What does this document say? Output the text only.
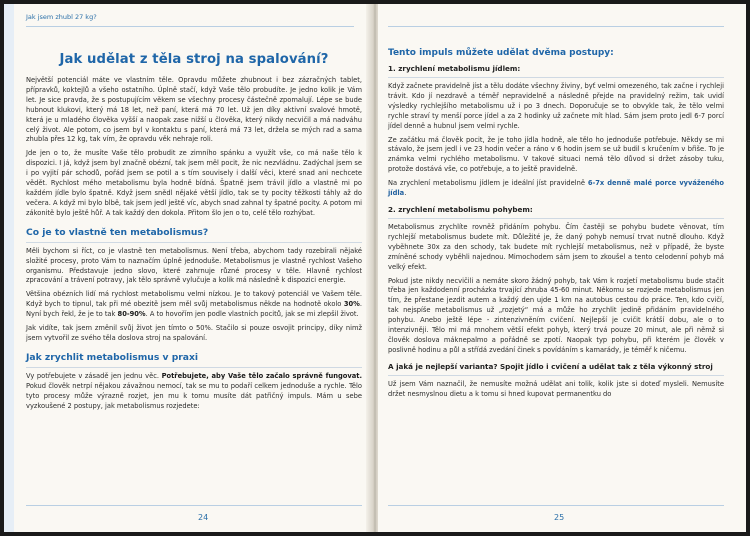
Jak jsem zhubl 27 kg?
Jak udělat z těla stroj na spalování?

Největší potenciál máte ve vlastním těle. Opravdu můžete zhubnout i bez zázračných tablet, přípravků, koktejlů a všeho ostatního. Úplně stačí, když Vaše tělo probudíte. Je jedno kolik je Vám let. Je sice pravda, že s postupujícím věkem se všechny procesy částečně zpomalují. Lépe se bude hubnout klukovi, který má 18 let, než paní, která má 70 let. Už jen díky aktivní svalové hmotě, která je u mladého člověka vyšší a naopak zase nižší u člověka, který nikdy necvičil a má nadváhu celý život. Ale potom, co jsem byl v kontaktu s paní, která má 73 let, držela se mých rad a sama zhubla přes 12 kg, tak vím, že opravdu věk nehraje roli.

Jde jen o to, že musíte Vaše tělo probudit ze zimního spánku a využít vše, co má naše tělo k dispozici. I já, když jsem byl značně obézní, tak jsem měl pocit, že nic nezvládnu. Zadýchal jsem se i po vyjití pár schodů, pořád jsem se potil a s tím souvisely i další věci, které snad ani nechcete vědět. Rychlost mého metabolismu byla hodně bídná. Špatně jsem trávil jídlo a vlastně mi po každém jídle bylo špatně. Když jsem snědl nějaké větší jídlo, tak se ty pocity těžkosti táhly až do večera. A když mi bylo blbě, tak jsem jedl ještě víc, abych snad zahnal ty špatné pocity. A potom mi zákonitě bylo ještě hůř. A tak každý den dokola. Přitom šlo jen o to, celé tělo rozhýbat.

Co je to vlastně ten metabolismus?

Měli bychom si říct, co je vlastně ten metabolismus. Není třeba, abychom tady rozebírali nějaké složité procesy, proto Vám to naznačím úplně jednoduše. Metabolismus je vlastně rychlost Vašeho organismu. Představuje jedno slovo, které zahrnuje různé procesy v těle. Hlavně rychlost zpracování a trávení potravy, jak tělo správně vylučuje a kolik má následně k dispozici energie.

Většina obézních lidí má rychlost metabolismu velmi nízkou. Je to takový potenciál ve Vašem těle. Když bych to tipnul, tak při mé obezitě jsem měl svůj metabolismus někde na hodnotě okolo 30%. Nyní bych řekl, že je to tak 80-90%. A to hovořím jen podle vlastních pocitů, jak se mi zlepšil život.

Jak vidíte, tak jsem změnil svůj život jen tímto o 50%. Stačilo si pouze osvojit principy, díky nimž jsem vytvořil ze svého těla doslova stroj na spalování.

Jak zrychlit metabolismus v praxi

Vy potřebujete v zásadě jen jednu věc. Potřebujete, aby Vaše tělo začalo správně fungovat. Pokud člověk netrpí nějakou závažnou nemocí, tak se mu to podaří celkem jednoduše a rychle. Tělo tyto procesy může výrazně rozjet, jen mu k tomu musíte dát patřičný impuls. Mám u sebe vyzkoušené 2 postupy, jak metabolismus rozjedete:

24
Tento impuls můžete udělat dvěma postupy:
1. zrychlení metabolismu jídlem:

Když začnete pravidelně jíst a tělu dodáte všechny živiny, byť velmi omezeného, tak začne i rychleji trávit. Kdo jí nezdravě a téměř nepravidelně a následně přejde na pravidelný režim, tak uvidí výsledky rychlejšího metabolismu už i po 3 dnech. Doporučuje se to obvykle tak, že tělo velmi rychle straví ty menší porce jídel a za 2 hodinky už začnete mít hlad. Sám jsem proto jedl 6-7 porcí jídel denně a hubnul jsem velmi rychle.

Ze začátku má člověk pocit, že je toho jídla hodně, ale tělo ho jednoduše potřebuje. Někdy se mi stávalo, že jsem jedl i ve 23 hodin večer a ráno v 6 hodin jsem se už budil s kručením v břiše. To je známka velmi rychlého metabolismu. V takové situaci nemá tělo důvod si držet zásoby tuku, protože dostává vše, co potřebuje, a to ještě pravidelně.

Na zrychlení metabolismu jídlem je ideální jíst pravidelně 6-7x denně malé porce vyváženého jídla.

2. zrychlení metabolismu pohybem:

Metabolismus zrychlíte rovněž přidáním pohybu. Čím častěji se pohybu budete věnovat, tím rychlejší metabolismus budete mít. Důležité je, že daný pohyb nemusí trvat nutně dlouho. Když vyběhnete 30x za den schody, tak budete mít rychlejší metabolismus, než v případě, že byste zmíněné schody vyběhli najednou. Mimochodem sám jsem to zkoušel a tento celodenní pohyb má velký efekt.

Pokud jste nikdy necvičili a nemáte skoro žádný pohyb, tak Vám k rozjetí metabolismu bude stačit třeba jen každodenní procházka trvající zhruba 45-60 minut. Někomu se rozjede metabolismus jen tím, že přestane jezdit autem a každý den ujde 1 km na autobus cestou do práce. Ten, kdo cvičí, tak nejspíše metabolismus už „rozjetý“ má a může ho zrychlit jedině přidáním pravidelného pohybu. Anebo ještě lépe - zintenzivněním cvičení. Nejlepší je cvičit krátší dobu, ale o to intenzivněji. Tělo mi má mnohem větší efekt pohyb, který trvá pouze 20 minut, ale při němž si člověk doslova máknepalmo a pořádně se zpotí. Naopak typ pohybu, při kterém je člověk v poslivně hodinu a půl a střídá zvedání činek s povídáním s kamarády, je téměř k ničemu.

A jaká je nejlepší varianta? Spojit jídlo i cvičení a udělat tak z těla výkonný stroj

Už jsem Vám naznačil, že nemusíte možná udělat ani tolik, kolik jste si doteď mysleli. Nemusíte držet nesmyslnou dietu a k tomu si hned kupovat permanentku do

25
